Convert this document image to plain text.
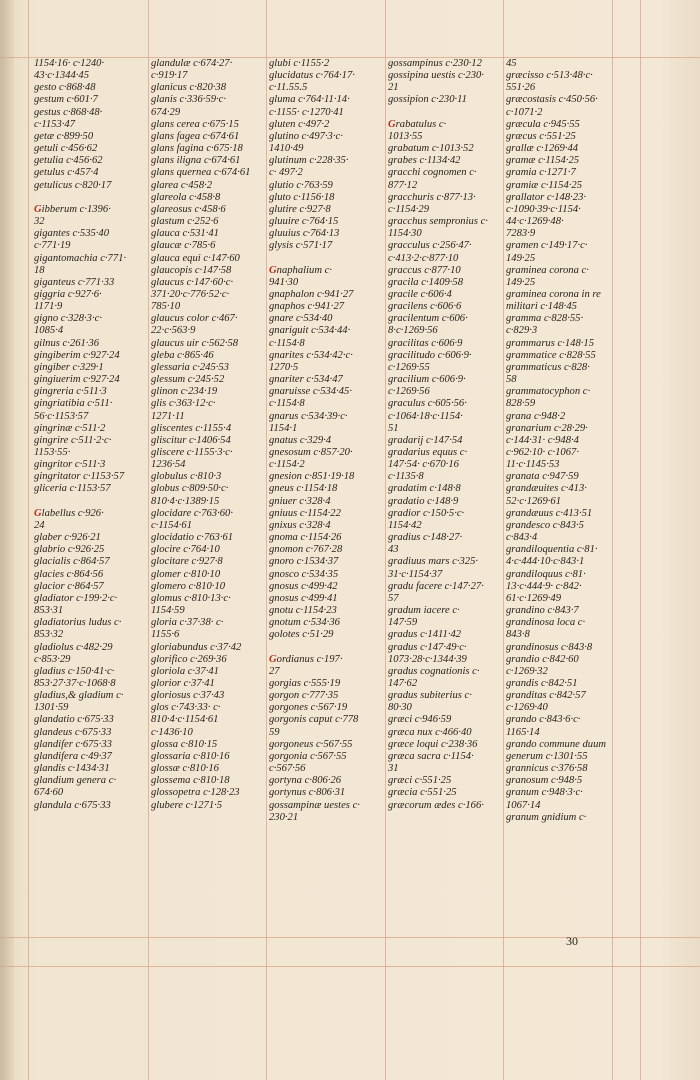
1154·16· c·1240·
43·c·1344·45
gesto c·868·48
gestum c·601·7
gestus c·868·48·
c·1153·47
getæ c·899·50
getuli c·456·62
getulia c·456·62
getulus c·457·4
getulicus c·820·17

Gibberum c·1396·
32
gigantes c·535·40
c·771·19
gigantomachia c·771·
18
giganteus c·771·33
giggria c·927·6·
1171·9
gigno c·328·3·c·
1085·4
gilnus c·261·36
gingiberim c·927·24
gingiber c·329·1
gingiuerim c·927·24
gingreria c·511·3
gingriatibia c·511·
56·c·1153·57
gingrinæ c·511·2
gingrire c·511·2·c·
1153·55·
gingritor c·511·3
gingritator c·1153·57
gliceria c·1153·57

Glabellus c·926·
24
glaber c·926·21
glabrio c·926·25
glacialis c·864·57
glacies c·864·56
glacior c·864·57
gladiator c·199·2·c·
853·31
gladiatorius ludus c·
853·32
gladiolus c·482·29
c·853·29
gladius c·150·41·c·
853·27·37·c·1068·8
gladius,& gladium c·
1301·59
glandatio c·675·33
glandeus c·675·33
glandifer c·675·33
glandifera c·49·37
glandis c·1434·31
glandium genera c·
674·60
glandula c·675·33
glandulæ c·674·27·
c·919·17
glanicus c·820·38
glanis c·336·59·c·
674·29
glans cerea c·675·15
glans fagea c·674·61
glans fagina c·675·18
glans iligna c·674·61
glans quernea c·674·61
glarea c·458·2
glareola c·458·8
glareosus c·458·6
glastum c·252·6
glauca c·531·41
glaucæ c·785·6
glauca equi c·147·60
glaucopis c·147·58
glaucus c·147·60·c·
371·20·c·776·52·c·
785·10
glaucus color c·467·
22·c·563·9
glaucus uir c·562·58
gleba c·865·46
glessaria c·245·53
glessum c·245·52
glinon c·234·19
glis c·363·12·c·
1271·11
gliscentes c·1155·4
gliscitur c·1406·54
gliscere c·1155·3·c·
1236·54
globulus c·810·3
globus c·809·50·c·
810·4·c·1389·15
glocidare c·763·60·
c·1154·61
glocidatio c·763·61
glocire c·764·10
glocitare c·927·8
glomer c·810·10
glomero c·810·10
glomus c·810·13·c·
1154·59
gloria c·37·38· c·
1155·6
gloriabundus c·37·42
glorifico c·269·36
gloriola c·37·41
glorior c·37·41
gloriosus c·37·43
glos c·743·33· c·
810·4·c·1154·61
c·1436·10
glossa c·810·15
glossaria c·810·16
glossæ c·810·16
glossema c·810·18
glossopetra c·128·23
glubere c·1271·5
glubi c·1155·2
glucidatus c·764·17·
c·11.55.5
gluma c·764·11·14·
c·1155· c·1270·41
gluten c·497·2
glutino c·497·3·c·
1410·49
glutinum c·228·35·
c· 497·2
glutio c·763·59
gluto c·1156·18
glutire c·927·8
gluuire c·764·15
gluuius c·764·13
glysis c·571·17

Gnaphalium c·
941·30
gnaphalon c·941·27
gnaphos c·941·27
gnare c·534·40
gnariguit c·534·44·
c·1154·8
gnarites c·534·42·c·
1270·5
gnariter c·534·47
gnaruisse c·534·45·
c·1154·8
gnarus c·534·39·c·
1154·1
gnatus c·329·4
gnesosum c·857·20·
c·1154·2
gnesion c·851·19·18
gneus c·1154·18
gniuer c·328·4
gniuus c·1154·22
gnixus c·328·4
gnoma c·1154·26
gnomon c·767·28
gnoro c·1534·37
gnosco c·534·35
gnosus c·499·42
gnosus c·499·41
gnotu c·1154·23
gnotum c·534·36
golotes c·51·29

Gordianus c·197·
27
gorgias c·555·19
gorgon c·777·35
gorgones c·567·19
gorgonis caput c·778
59
gorgoneus c·567·55
gorgonia c·567·55
c·567·56
gortyna c·806·26
gortynus c·806·31
gossampinæ uestes c·
230·21
gossampinus c·230·12
gossipina uestis c·230·
21
gossipion c·230·11

Grabatulus c·
1013·55
grabatum c·1013·52
grabes c·1134·42
gracchi cognomen c·
877·12
gracchuris c·877·13·
c·1154·29
gracchus sempronius c·
1154·30
gracculus c·256·47·
c·413·2·c·877·10
graccus c·877·10
gracila c·1409·58
gracile c·606·4
gracilens c·606·6
gracilentum c·606·
8·c·1269·56
gracilitas c·606·9
gracilitudo c·606·9·
c·1269·55
gracilium c·606·9·
c·1269·56
graculus c·605·56·
c·1064·18·c·1154·
51
gradarij c·147·54
gradarius equus c·
147·54· c·670·16
c·1135·8
gradatim c·148·8
gradatio c·148·9
gradior c·150·5·c·
1154·42
gradius c·148·27·
43
gradiuus mars c·325·
31·c·1154·37
gradu facere c·147·27·
57
gradum iacere c·
147·59
gradus c·1411·42
gradus c·147·49·c·
1073·28·c·1344·39
gradus cognationis c·
147·62
gradus subiterius c·
80·30
græci c·946·59
græca nux c·466·40
græce loqui c·238·36
græca sacra c·1154·
31
græci c·551·25
græcia c·551·25
græcorum ædes c·166·
45
græcisso c·513·48·c·
551·26
græcostasis c·450·56·
c·1071·2
græcula c·945·55
græcus c·551·25
grallæ c·1269·44
gramæ c·1154·25
gramia c·1271·7
gramiæ c·1154·25
grallator c·148·23·
c·1090·39·c·1154·
44·c·1269·48·
7283·9
gramen c·149·17·c·
149·25
graminea corona c·
149·25
graminea corona in re
militari c·148·45
gramma c·828·55·
c·829·3
grammarus c·148·15
grammatice c·828·55
grammaticus c·828·
58
grammatocyphon c·
828·59
grana c·948·2
granarium c·28·29·
c·144·31· c·948·4
c·962·10· c·1067·
11·c·1145·53
granata c·947·59
grandæuites c·413·
52·c·1269·61
grandæuus c·413·51
grandesco c·843·5
c·843·4
grandiloquentia c·81·
4·c·444·10·c·843·1
grandiloquus c·81·
13·c·444·9· c·842·
61·c·1269·49
grandino c·843·7
grandinosa loca c·
843·8
grandinosus c·843·8
grandio c·842·60
c·1269·32
grandis c·842·51
granditas c·842·57
c·1269·40
grando c·843·6·c·
1165·14
grando commune duum
generum c·1301·55
grannicus c·376·58
granosum c·948·5
granum c·948·3·c·
1067·14
granum gnidium c·
30
